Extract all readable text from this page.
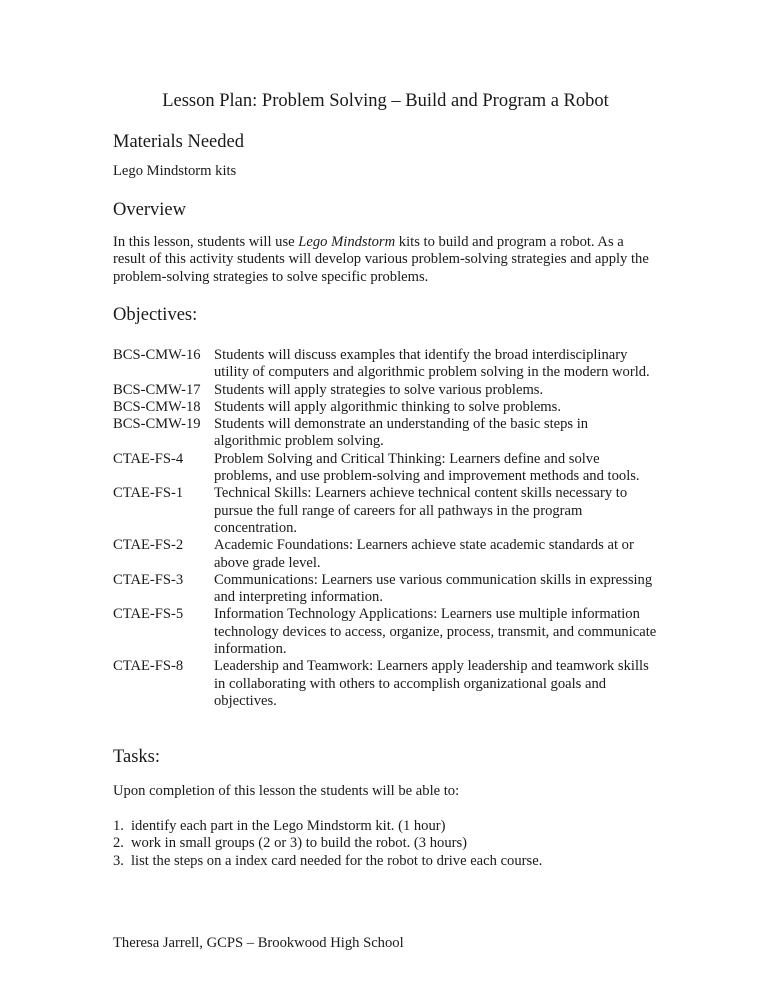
Lesson Plan: Problem Solving – Build and Program a Robot
Materials Needed
Lego Mindstorm kits
Overview
In this lesson, students will use Lego Mindstorm kits to build and program a robot. As a result of this activity students will develop various problem-solving strategies and apply the problem-solving strategies to solve specific problems.
Objectives:
BCS-CMW-16 Students will discuss examples that identify the broad interdisciplinary utility of computers and algorithmic problem solving in the modern world.
BCS-CMW-17 Students will apply strategies to solve various problems.
BCS-CMW-18 Students will apply algorithmic thinking to solve problems.
BCS-CMW-19 Students will demonstrate an understanding of the basic steps in algorithmic problem solving.
CTAE-FS-4	Problem Solving and Critical Thinking: Learners define and solve problems, and use problem-solving and improvement methods and tools.
CTAE-FS-1	Technical Skills: Learners achieve technical content skills necessary to pursue the full range of careers for all pathways in the program concentration.
CTAE-FS-2	Academic Foundations: Learners achieve state academic standards at or above grade level.
CTAE-FS-3	Communications: Learners use various communication skills in expressing and interpreting information.
CTAE-FS-5	Information Technology Applications: Learners use multiple information technology devices to access, organize, process, transmit, and communicate information.
CTAE-FS-8	Leadership and Teamwork: Learners apply leadership and teamwork skills in collaborating with others to accomplish organizational goals and objectives.
Tasks:
Upon completion of this lesson the students will be able to:
1. identify each part in the Lego Mindstorm kit. (1 hour)
2. work in small groups (2 or 3) to build the robot. (3 hours)
3. list the steps on a index card needed for the robot to drive each course.
Theresa Jarrell, GCPS – Brookwood High School
